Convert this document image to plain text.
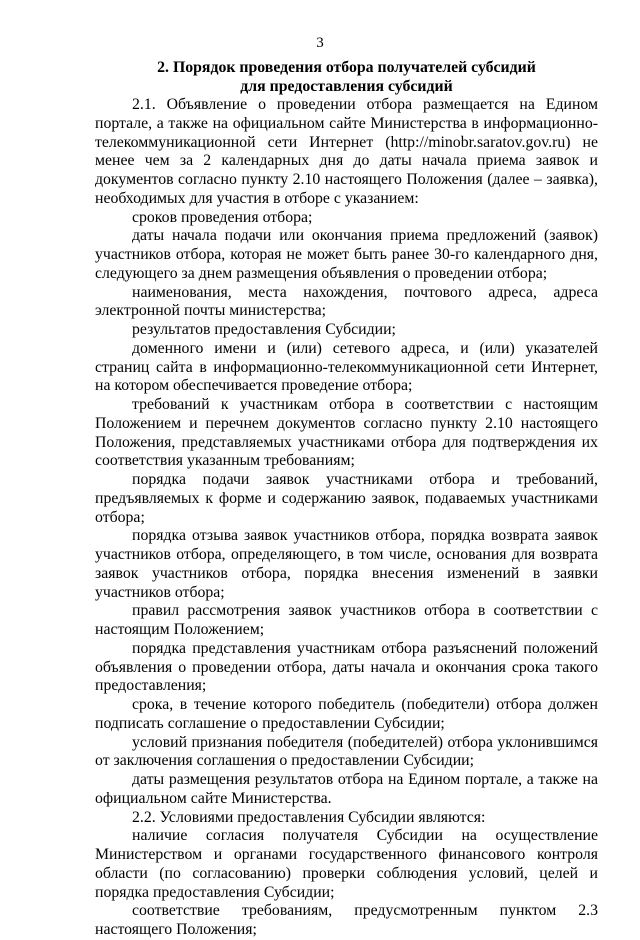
3
2. Порядок проведения отбора получателей субсидий
для предоставления субсидий

2.1. Объявление о проведении отбора размещается на Едином портале, а также на официальном сайте Министерства в информационно-телекоммуникационной сети Интернет (http://minobr.saratov.gov.ru) не менее чем за 2 календарных дня до даты начала приема заявок и документов согласно пункту 2.10 настоящего Положения (далее – заявка), необходимых для участия в отборе с указанием:

сроков проведения отбора;

даты начала подачи или окончания приема предложений (заявок) участников отбора, которая не может быть ранее 30-го календарного дня, следующего за днем размещения объявления о проведении отбора;

наименования, места нахождения, почтового адреса, адреса электронной почты министерства;

результатов предоставления Субсидии;

доменного имени и (или) сетевого адреса, и (или) указателей страниц сайта в информационно-телекоммуникационной сети Интернет, на котором обеспечивается проведение отбора;

требований к участникам отбора в соответствии с настоящим Положением и перечнем документов согласно пункту 2.10 настоящего Положения, представляемых участниками отбора для подтверждения их соответствия указанным требованиям;

порядка подачи заявок участниками отбора и требований, предъявляемых к форме и содержанию заявок, подаваемых участниками отбора;

порядка отзыва заявок участников отбора, порядка возврата заявок участников отбора, определяющего, в том числе, основания для возврата заявок участников отбора, порядка внесения изменений в заявки участников отбора;

правил рассмотрения заявок участников отбора в соответствии с настоящим Положением;

порядка представления участникам отбора разъяснений положений объявления о проведении отбора, даты начала и окончания срока такого предоставления;

срока, в течение которого победитель (победители) отбора должен подписать соглашение о предоставлении Субсидии;

условий признания победителя (победителей) отбора уклонившимся от заключения соглашения о предоставлении Субсидии;

даты размещения результатов отбора на Едином портале, а также на официальном сайте Министерства.

2.2. Условиями предоставления Субсидии являются:

наличие согласия получателя Субсидии на осуществление Министерством и органами государственного финансового контроля области (по согласованию) проверки соблюдения условий, целей и порядка предоставления Субсидии;

соответствие требованиям, предусмотренным пунктом 2.3 настоящего Положения;
